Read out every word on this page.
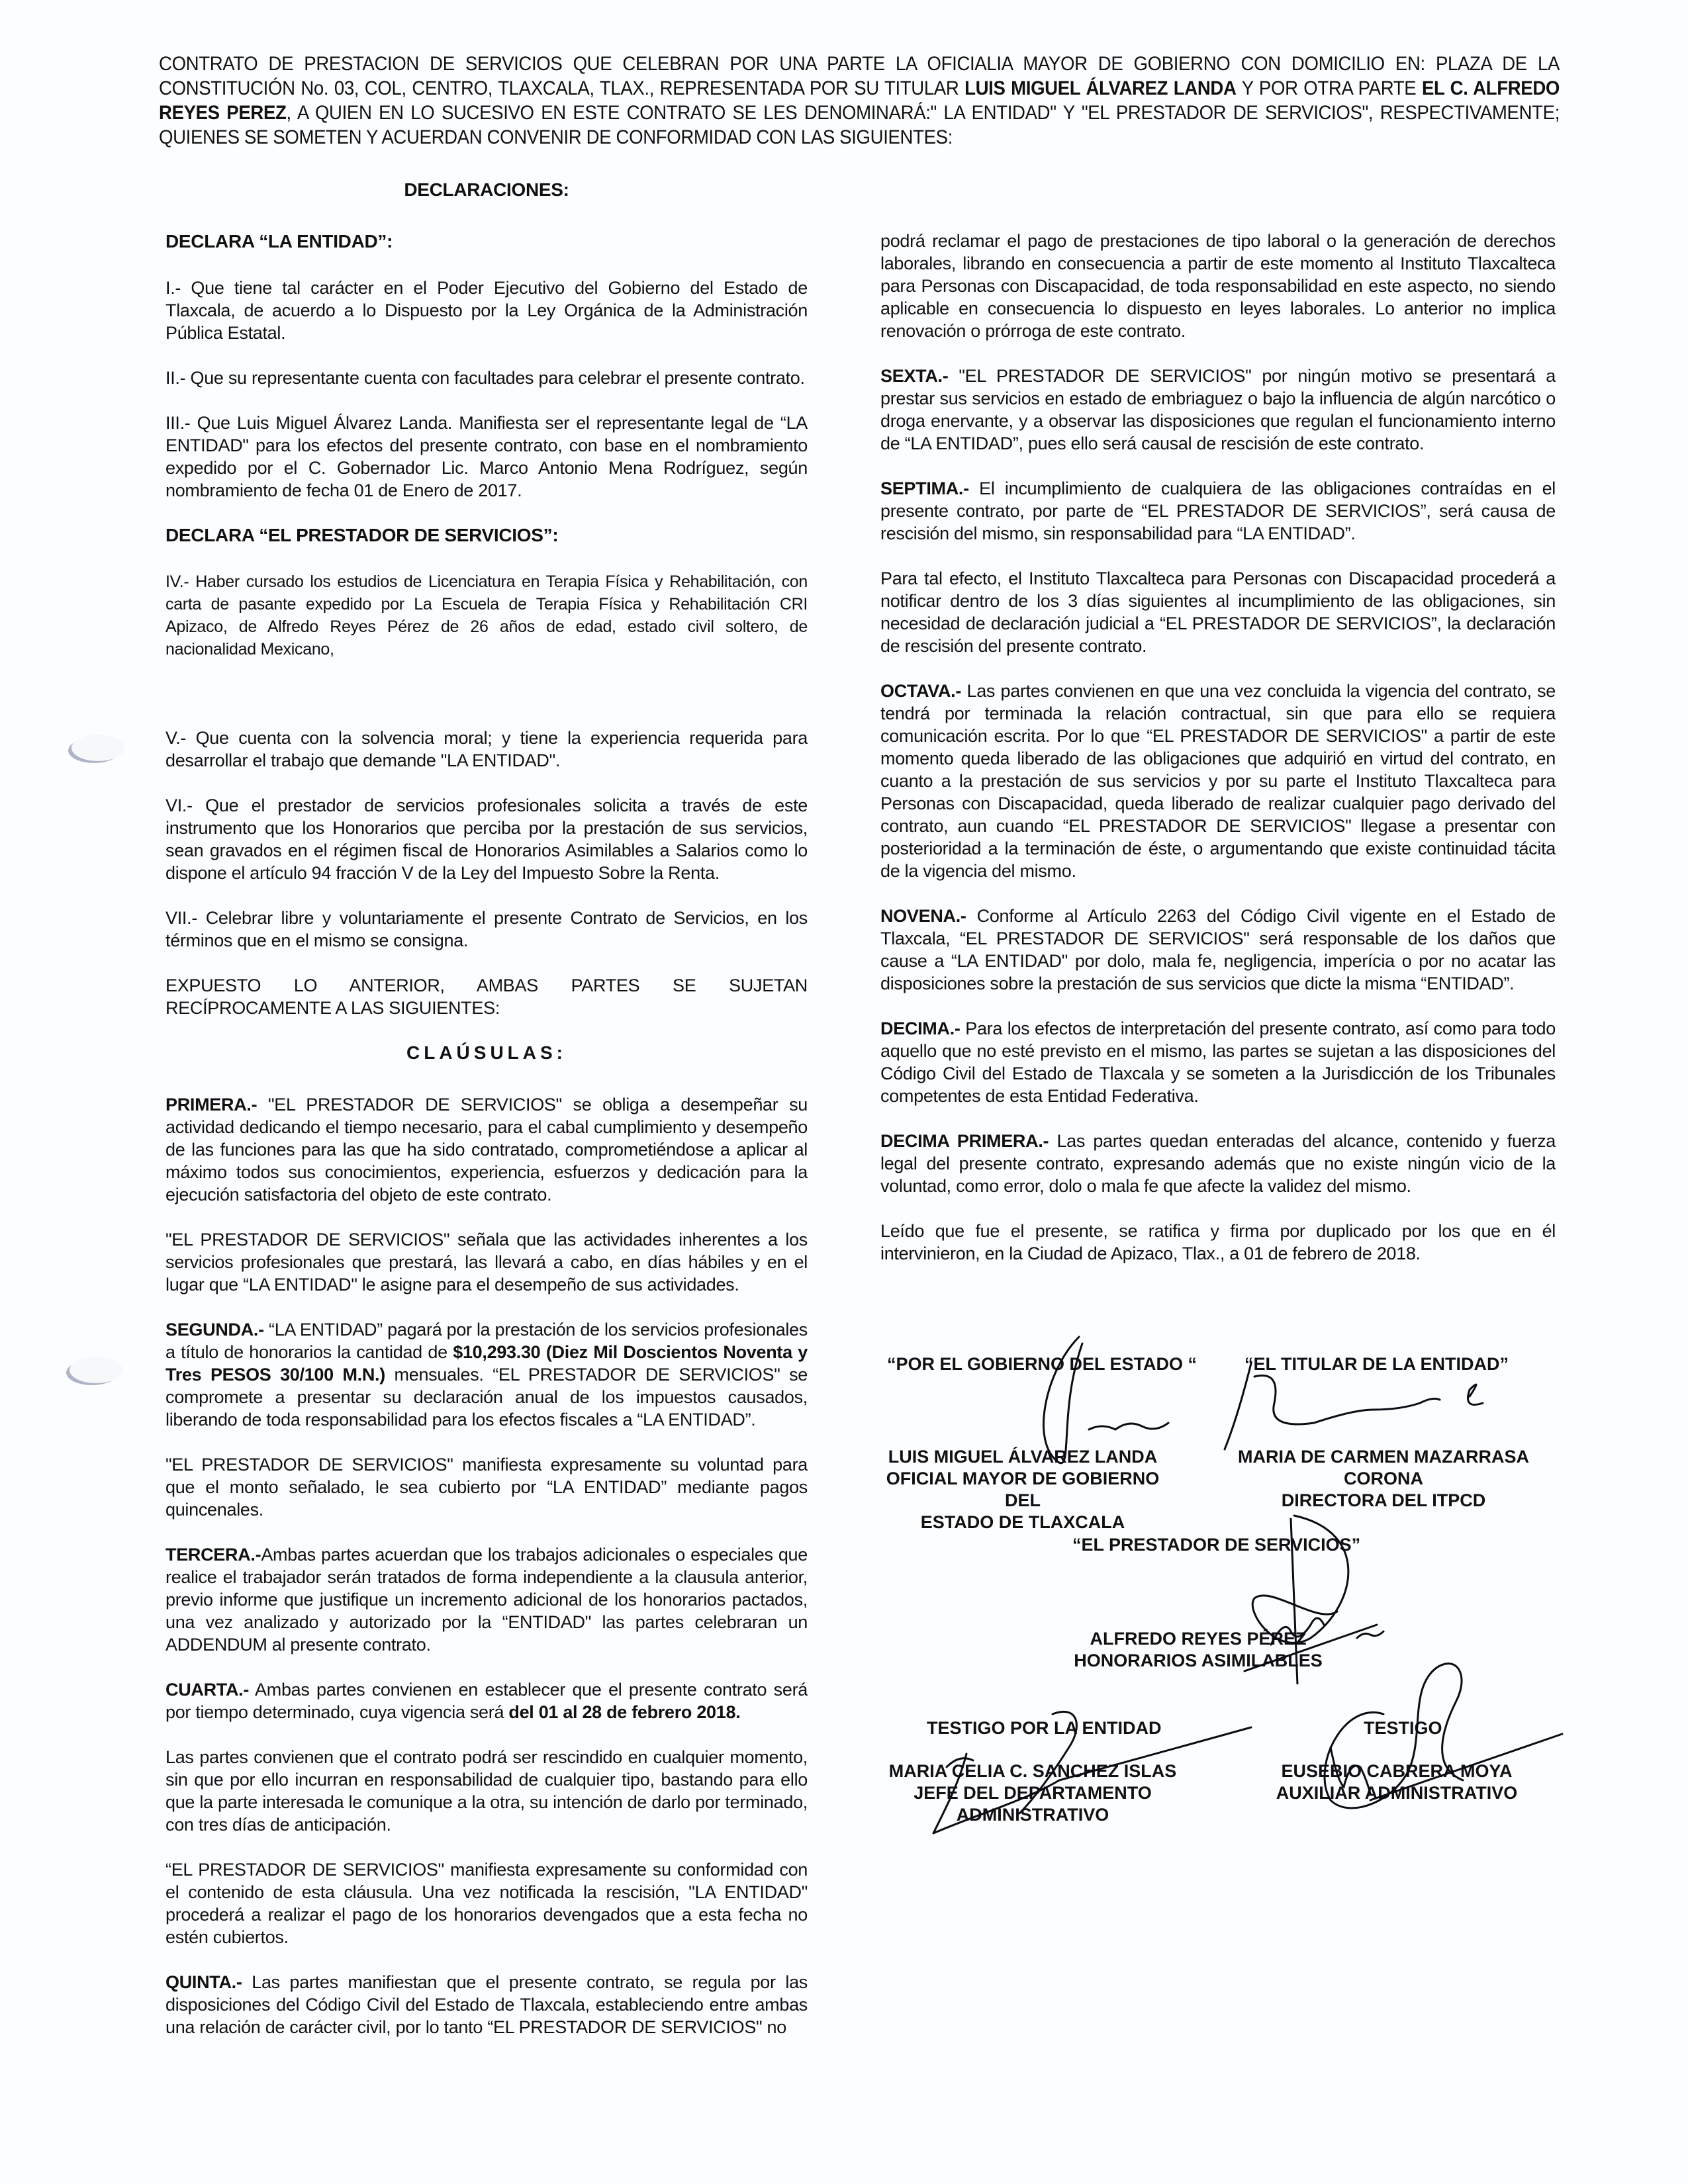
CONTRATO DE PRESTACION DE SERVICIOS QUE CELEBRAN POR UNA PARTE LA OFICIALIA MAYOR DE GOBIERNO CON DOMICILIO EN: PLAZA DE LA CONSTITUCIÓN No. 03, COL, CENTRO, TLAXCALA, TLAX., REPRESENTADA POR SU TITULAR LUIS MIGUEL ÁLVAREZ LANDA Y POR OTRA PARTE EL C. ALFREDO REYES PEREZ, A QUIEN EN LO SUCESIVO EN ESTE CONTRATO SE LES DENOMINARÁ:" LA ENTIDAD" Y "EL PRESTADOR DE SERVICIOS", RESPECTIVAMENTE; QUIENES SE SOMETEN Y ACUERDAN CONVENIR DE CONFORMIDAD CON LAS SIGUIENTES:
DECLARACIONES:
DECLARA “LA ENTIDAD”:

I.- Que tiene tal carácter en el Poder Ejecutivo del Gobierno del Estado de Tlaxcala, de acuerdo a lo Dispuesto por la Ley Orgánica de la Administración Pública Estatal.

II.- Que su representante cuenta con facultades para celebrar el presente contrato.

III.- Que Luis Miguel Álvarez Landa. Manifiesta ser el representante legal de “LA ENTIDAD" para los efectos del presente contrato, con base en el nombramiento expedido por el C. Gobernador Lic. Marco Antonio Mena Rodríguez, según nombramiento de fecha 01 de Enero de 2017.

DECLARA “EL PRESTADOR DE SERVICIOS”:

IV.- Haber cursado los estudios de Licenciatura en Terapia Física y Rehabilitación, con carta de pasante expedido por La Escuela de Terapia Física y Rehabilitación CRI Apizaco, de Alfredo Reyes Pérez de 26 años de edad, estado civil soltero, de nacionalidad Mexicano,

V.- Que cuenta con la solvencia moral; y tiene la experiencia requerida para desarrollar el trabajo que demande "LA ENTIDAD".

VI.- Que el prestador de servicios profesionales solicita a través de este instrumento que los Honorarios que perciba por la prestación de sus servicios, sean gravados en el régimen fiscal de Honorarios Asimilables a Salarios como lo dispone el artículo 94 fracción V de la Ley del Impuesto Sobre la Renta.

VII.- Celebrar libre y voluntariamente el presente Contrato de Servicios, en los términos que en el mismo se consigna.

EXPUESTO LO ANTERIOR, AMBAS PARTES SE SUJETAN RECÍPROCAMENTE A LAS SIGUIENTES:

CLAÚSULAS:

PRIMERA.- "EL PRESTADOR DE SERVICIOS" se obliga a desempeñar su actividad dedicando el tiempo necesario, para el cabal cumplimiento y desempeño de las funciones para las que ha sido contratado, comprometiéndose a aplicar al máximo todos sus conocimientos, experiencia, esfuerzos y dedicación para la ejecución satisfactoria del objeto de este contrato.

"EL PRESTADOR DE SERVICIOS" señala que las actividades inherentes a los servicios profesionales que prestará, las llevará a cabo, en días hábiles y en el lugar que “LA ENTIDAD" le asigne para el desempeño de sus actividades.

SEGUNDA.- “LA ENTIDAD” pagará por la prestación de los servicios profesionales a título de honorarios la cantidad de $10,293.30 (Diez Mil Doscientos Noventa y Tres PESOS 30/100 M.N.) mensuales. “EL PRESTADOR DE SERVICIOS" se compromete a presentar su declaración anual de los impuestos causados, liberando de toda responsabilidad para los efectos fiscales a “LA ENTIDAD”.

"EL PRESTADOR DE SERVICIOS" manifiesta expresamente su voluntad para que el monto señalado, le sea cubierto por “LA ENTIDAD” mediante pagos quincenales.

TERCERA.-Ambas partes acuerdan que los trabajos adicionales o especiales que realice el trabajador serán tratados de forma independiente a la clausula anterior, previo informe que justifique un incremento adicional de los honorarios pactados, una vez analizado y autorizado por la “ENTIDAD" las partes celebraran un ADDENDUM al presente contrato.

CUARTA.- Ambas partes convienen en establecer que el presente contrato será por tiempo determinado, cuya vigencia será del 01 al 28 de febrero 2018.

Las partes convienen que el contrato podrá ser rescindido en cualquier momento, sin que por ello incurran en responsabilidad de cualquier tipo, bastando para ello que la parte interesada le comunique a la otra, su intención de darlo por terminado, con tres días de anticipación.

“EL PRESTADOR DE SERVICIOS" manifiesta expresamente su conformidad con el contenido de esta cláusula. Una vez notificada la rescisión, "LA ENTIDAD" procederá a realizar el pago de los honorarios devengados que a esta fecha no estén cubiertos.

QUINTA.- Las partes manifiestan que el presente contrato, se regula por las disposiciones del Código Civil del Estado de Tlaxcala, estableciendo entre ambas una relación de carácter civil, por lo tanto “EL PRESTADOR DE SERVICIOS" no

podrá reclamar el pago de prestaciones de tipo laboral o la generación de derechos laborales, librando en consecuencia a partir de este momento al Instituto Tlaxcalteca para Personas con Discapacidad, de toda responsabilidad en este aspecto, no siendo aplicable en consecuencia lo dispuesto en leyes laborales. Lo anterior no implica renovación o prórroga de este contrato.

SEXTA.- "EL PRESTADOR DE SERVICIOS" por ningún motivo se presentará a prestar sus servicios en estado de embriaguez o bajo la influencia de algún narcótico o droga enervante, y a observar las disposiciones que regulan el funcionamiento interno de “LA ENTIDAD”, pues ello será causal de rescisión de este contrato.

SEPTIMA.- El incumplimiento de cualquiera de las obligaciones contraídas en el presente contrato, por parte de “EL PRESTADOR DE SERVICIOS”, será causa de rescisión del mismo, sin responsabilidad para “LA ENTIDAD”.

Para tal efecto, el Instituto Tlaxcalteca para Personas con Discapacidad procederá a notificar dentro de los 3 días siguientes al incumplimiento de las obligaciones, sin necesidad de declaración judicial a “EL PRESTADOR DE SERVICIOS”, la declaración de rescisión del presente contrato.

OCTAVA.- Las partes convienen en que una vez concluida la vigencia del contrato, se tendrá por terminada la relación contractual, sin que para ello se requiera comunicación escrita. Por lo que “EL PRESTADOR DE SERVICIOS" a partir de este momento queda liberado de las obligaciones que adquirió en virtud del contrato, en cuanto a la prestación de sus servicios y por su parte el Instituto Tlaxcalteca para Personas con Discapacidad, queda liberado de realizar cualquier pago derivado del contrato, aun cuando “EL PRESTADOR DE SERVICIOS" llegase a presentar con posterioridad a la terminación de éste, o argumentando que existe continuidad tácita de la vigencia del mismo.

NOVENA.- Conforme al Artículo 2263 del Código Civil vigente en el Estado de Tlaxcala, “EL PRESTADOR DE SERVICIOS" será responsable de los daños que cause a “LA ENTIDAD" por dolo, mala fe, negligencia, imperícia o por no acatar las disposiciones sobre la prestación de sus servicios que dicte la misma “ENTIDAD”.

DECIMA.- Para los efectos de interpretación del presente contrato, así como para todo aquello que no esté previsto en el mismo, las partes se sujetan a las disposiciones del Código Civil del Estado de Tlaxcala y se someten a la Jurisdicción de los Tribunales competentes de esta Entidad Federativa.

DECIMA PRIMERA.- Las partes quedan enteradas del alcance, contenido y fuerza legal del presente contrato, expresando además que no existe ningún vicio de la voluntad, como error, dolo o mala fe que afecte la validez del mismo.

Leído que fue el presente, se ratifica y firma por duplicado por los que en él intervinieron, en la Ciudad de Apizaco, Tlax., a 01 de febrero de 2018.

“POR EL GOBIERNO DEL ESTADO “
LUIS MIGUEL ÁLVAREZ LANDA
OFICIAL MAYOR DE GOBIERNO DEL
ESTADO DE TLAXCALA
“EL TITULAR DE LA ENTIDAD”
MARIA DE CARMEN MAZARRASA
CORONA
DIRECTORA DEL ITPCD
“EL PRESTADOR DE SERVICIOS”
ALFREDO REYES PÉREZ
HONORARIOS ASIMILABLES
TESTIGO POR LA ENTIDAD
MARIA CELIA C. SANCHEZ ISLAS
JEFE DEL DEPARTAMENTO
ADMINISTRATIVO
TESTIGO
EUSEBIO CABRERA MOYA
AUXILIAR ADMINISTRATIVO
